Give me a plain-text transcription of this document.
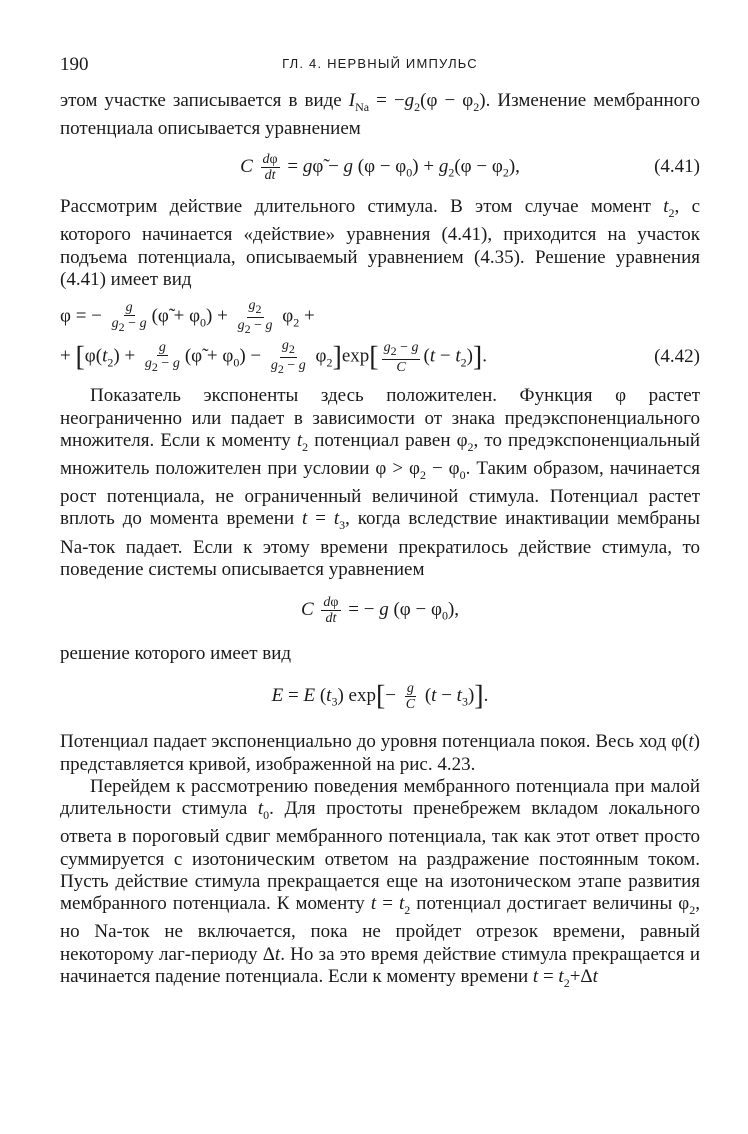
190	ГЛ. 4. НЕРВНЫЙ ИМПУЛЬС

этом участке записывается в виде $I_{Na} = -g_2(\varphi - \varphi_2)$. Изменение мембранного потенциала описывается уравнением

C $\frac{d\varphi}{dt}$ = gφ̃ − g $(\varphi - \varphi_0) + g_2(\varphi - \varphi_2)$,	(4.41)

Рассмотрим действие длительного стимула. В этом случае момент $t_2$, с которого начинается «действие» уравнения (4.41), приходится на участок подъема потенциала, описываемый уравнением (4.35). Решение уравнения (4.41) имеет вид

φ = − $\frac{g}{g_2 - g}$ (φ̃ + $\varphi_0) + \frac{g_2}{g_2 - g} \varphi_2$ +
+ [$\varphi(t_2) + \frac{g}{g_2 - g}$ (φ̃ + $\varphi_0) - \frac{g_2}{g_2 - g} \varphi_2]\exp[ \frac{g_2 - g}{C} (t - t_2)]$.	(4.42)

Показатель экспоненты здесь положителен. Функция φ растет неограниченно или падает в зависимости от знака предэкспоненциального множителя. Если к моменту $t_2$ потенциал равен $\varphi_2$, то предэкспоненциальный множитель положителен при условии $\varphi > \varphi_2 - \varphi_0$. Таким образом, начинается рост потенциала, не ограниченный величиной стимула. Потенциал растет вплоть до момента времени $t = t_3$, когда вследствие инактивации мембраны Na-ток падает. Если к этому времени прекратилось действие стимула, то поведение системы описывается уравнением

C $\frac{d\varphi}{dt}$ = − g $(\varphi - \varphi_0)$,

решение которого имеет вид

E = E $(t_3)$ $\exp[- \frac{g}{C} (t - t_3)]$.

Потенциал падает экспоненциально до уровня потенциала покоя. Весь ход φ(t) представляется кривой, изображенной на рис. 4.23.

Перейдем к рассмотрению поведения мембранного потенциала при малой длительности стимула $t_0$. Для простоты пренебрежем вкладом локального ответа в пороговый сдвиг мембранного потенциала, так как этот ответ просто суммируется с изотоническим ответом на раздражение постоянным током. Пусть действие стимула прекращается еще на изотоническом этапе развития мембранного потенциала. К моменту $t = t_2$ потенциал достигает величины $\varphi_2$, но Na-ток не включается, пока не пройдет отрезок времени, равный некоторому лаг-периоду Δt. Но за это время действие стимула прекращается и начинается падение потенциала. Если к моменту времени $t = t_2+\Delta t$
